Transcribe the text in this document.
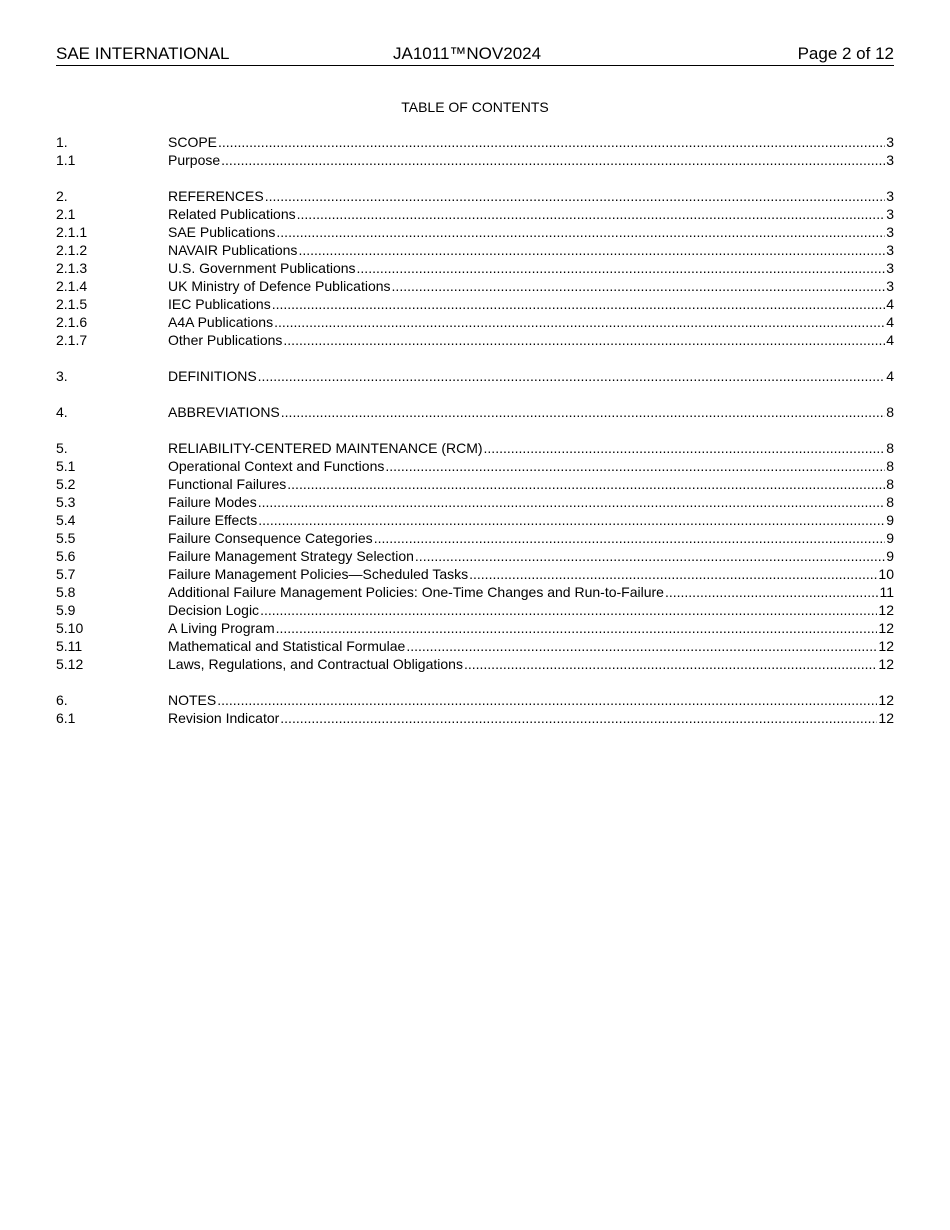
SAE INTERNATIONAL	JA1011™NOV2024	Page 2 of 12
TABLE OF CONTENTS
1.	SCOPE .....	3
1.1	Purpose .....	3
2.	REFERENCES .....	3
2.1	Related Publications .....	3
2.1.1	SAE Publications .....	3
2.1.2	NAVAIR Publications .....	3
2.1.3	U.S. Government Publications .....	3
2.1.4	UK Ministry of Defence Publications .....	3
2.1.5	IEC Publications .....	4
2.1.6	A4A Publications .....	4
2.1.7	Other Publications .....	4
3.	DEFINITIONS .....	4
4.	ABBREVIATIONS .....	8
5.	RELIABILITY-CENTERED MAINTENANCE (RCM) .....	8
5.1	Operational Context and Functions .....	8
5.2	Functional Failures .....	8
5.3	Failure Modes .....	8
5.4	Failure Effects .....	9
5.5	Failure Consequence Categories .....	9
5.6	Failure Management Strategy Selection .....	9
5.7	Failure Management Policies—Scheduled Tasks .....	10
5.8	Additional Failure Management Policies: One-Time Changes and Run-to-Failure .....	11
5.9	Decision Logic .....	12
5.10	A Living Program .....	12
5.11	Mathematical and Statistical Formulae .....	12
5.12	Laws, Regulations, and Contractual Obligations .....	12
6.	NOTES .....	12
6.1	Revision Indicator .....	12
